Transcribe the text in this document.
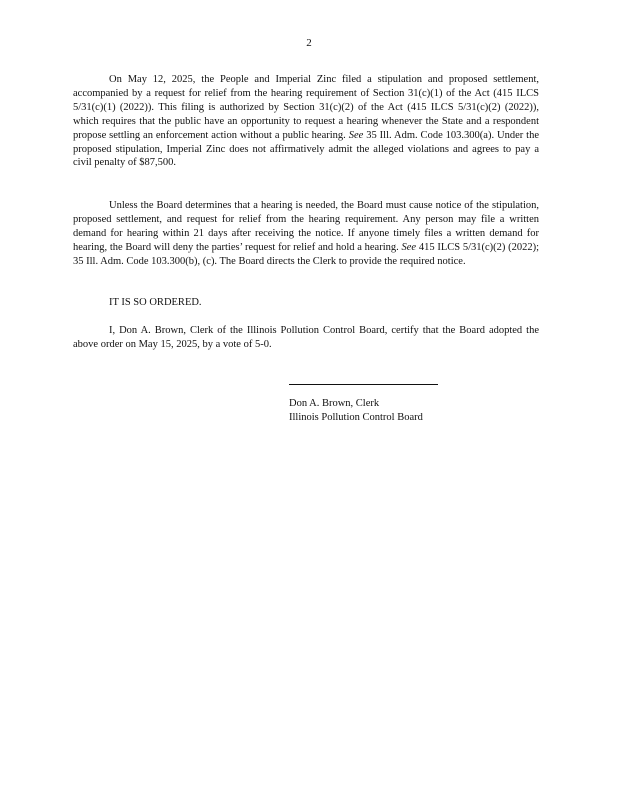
2

On May 12, 2025, the People and Imperial Zinc filed a stipulation and proposed settlement, accompanied by a request for relief from the hearing requirement of Section 31(c)(1) of the Act (415 ILCS 5/31(c)(1) (2022)). This filing is authorized by Section 31(c)(2) of the Act (415 ILCS 5/31(c)(2) (2022)), which requires that the public have an opportunity to request a hearing whenever the State and a respondent propose settling an enforcement action without a public hearing. See 35 Ill. Adm. Code 103.300(a). Under the proposed stipulation, Imperial Zinc does not affirmatively admit the alleged violations and agrees to pay a civil penalty of $87,500.

Unless the Board determines that a hearing is needed, the Board must cause notice of the stipulation, proposed settlement, and request for relief from the hearing requirement. Any person may file a written demand for hearing within 21 days after receiving the notice. If anyone timely files a written demand for hearing, the Board will deny the parties’ request for relief and hold a hearing. See 415 ILCS 5/31(c)(2) (2022); 35 Ill. Adm. Code 103.300(b), (c). The Board directs the Clerk to provide the required notice.

IT IS SO ORDERED.

I, Don A. Brown, Clerk of the Illinois Pollution Control Board, certify that the Board adopted the above order on May 15, 2025, by a vote of 5-0.

Don A. Brown, Clerk
Illinois Pollution Control Board
